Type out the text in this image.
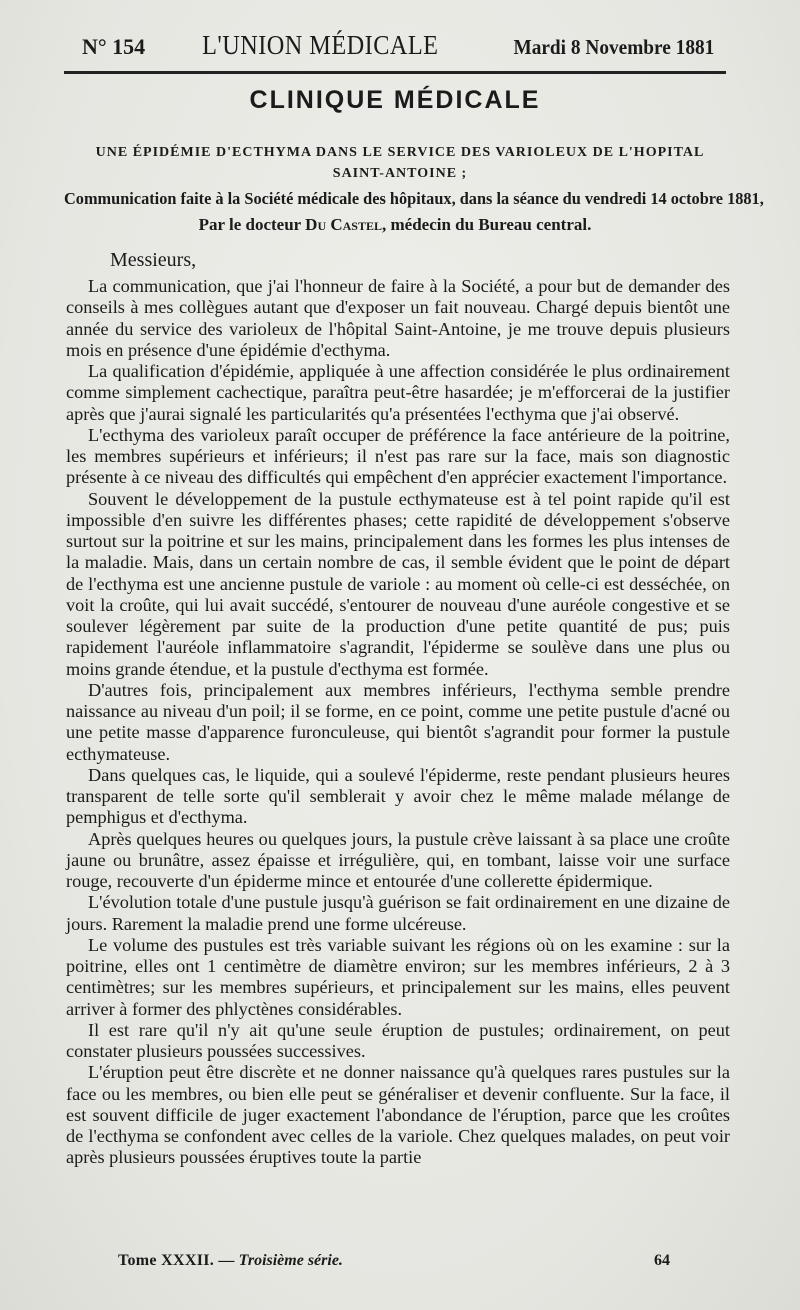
N° 154 L'UNION MÉDICALE	Mardi 8 Novembre 1881
CLINIQUE MÉDICALE
UNE ÉPIDÉMIE D'ECTHYMA DANS LE SERVICE DES VARIOLEUX DE L'HOPITAL
SAINT-ANTOINE ;
Communication faite à la Société médicale des hôpitaux, dans la séance du vendredi 14 octobre 1881,
Par le docteur Du Castel, médecin du Bureau central.
Messieurs,

La communication, que j'ai l'honneur de faire à la Société, a pour but de demander des conseils à mes collègues autant que d'exposer un fait nouveau. Chargé depuis bientôt une année du service des varioleux de l'hôpital Saint-Antoine, je me trouve depuis plusieurs mois en présence d'une épidémie d'ecthyma.

La qualification d'épidémie, appliquée à une affection considérée le plus ordinairement comme simplement cachectique, paraîtra peut-être hasardée; je m'efforcerai de la justifier après que j'aurai signalé les particularités qu'a présentées l'ecthyma que j'ai observé.

L'ecthyma des varioleux paraît occuper de préférence la face antérieure de la poitrine, les membres supérieurs et inférieurs; il n'est pas rare sur la face, mais son diagnostic présente à ce niveau des difficultés qui empêchent d'en apprécier exactement l'importance.

Souvent le développement de la pustule ecthymateuse est à tel point rapide qu'il est impossible d'en suivre les différentes phases; cette rapidité de développement s'observe surtout sur la poitrine et sur les mains, principalement dans les formes les plus intenses de la maladie. Mais, dans un certain nombre de cas, il semble évident que le point de départ de l'ecthyma est une ancienne pustule de variole : au moment où celle-ci est desséchée, on voit la croûte, qui lui avait succédé, s'entourer de nouveau d'une auréole congestive et se soulever légèrement par suite de la production d'une petite quantité de pus; puis rapidement l'auréole inflammatoire s'agrandit, l'épiderme se soulève dans une plus ou moins grande étendue, et la pustule d'ecthyma est formée.

D'autres fois, principalement aux membres inférieurs, l'ecthyma semble prendre naissance au niveau d'un poil; il se forme, en ce point, comme une petite pustule d'acné ou une petite masse d'apparence furonculeuse, qui bientôt s'agrandit pour former la pustule ecthymateuse.

Dans quelques cas, le liquide, qui a soulevé l'épiderme, reste pendant plusieurs heures transparent de telle sorte qu'il semblerait y avoir chez le même malade mélange de pemphigus et d'ecthyma.

Après quelques heures ou quelques jours, la pustule crève laissant à sa place une croûte jaune ou brunâtre, assez épaisse et irrégulière, qui, en tombant, laisse voir une surface rouge, recouverte d'un épiderme mince et entourée d'une collerette épidermique.

L'évolution totale d'une pustule jusqu'à guérison se fait ordinairement en une dizaine de jours. Rarement la maladie prend une forme ulcéreuse.

Le volume des pustules est très variable suivant les régions où on les examine : sur la poitrine, elles ont 1 centimètre de diamètre environ; sur les membres inférieurs, 2 à 3 centimètres; sur les membres supérieurs, et principalement sur les mains, elles peuvent arriver à former des phlyctènes considérables.

Il est rare qu'il n'y ait qu'une seule éruption de pustules; ordinairement, on peut constater plusieurs poussées successives.

L'éruption peut être discrète et ne donner naissance qu'à quelques rares pustules sur la face ou les membres, ou bien elle peut se généraliser et devenir confluente. Sur la face, il est souvent difficile de juger exactement l'abondance de l'éruption, parce que les croûtes de l'ecthyma se confondent avec celles de la variole. Chez quelques malades, on peut voir après plusieurs poussées éruptives toute la partie

Tome XXXII. — Troisième série.	64
